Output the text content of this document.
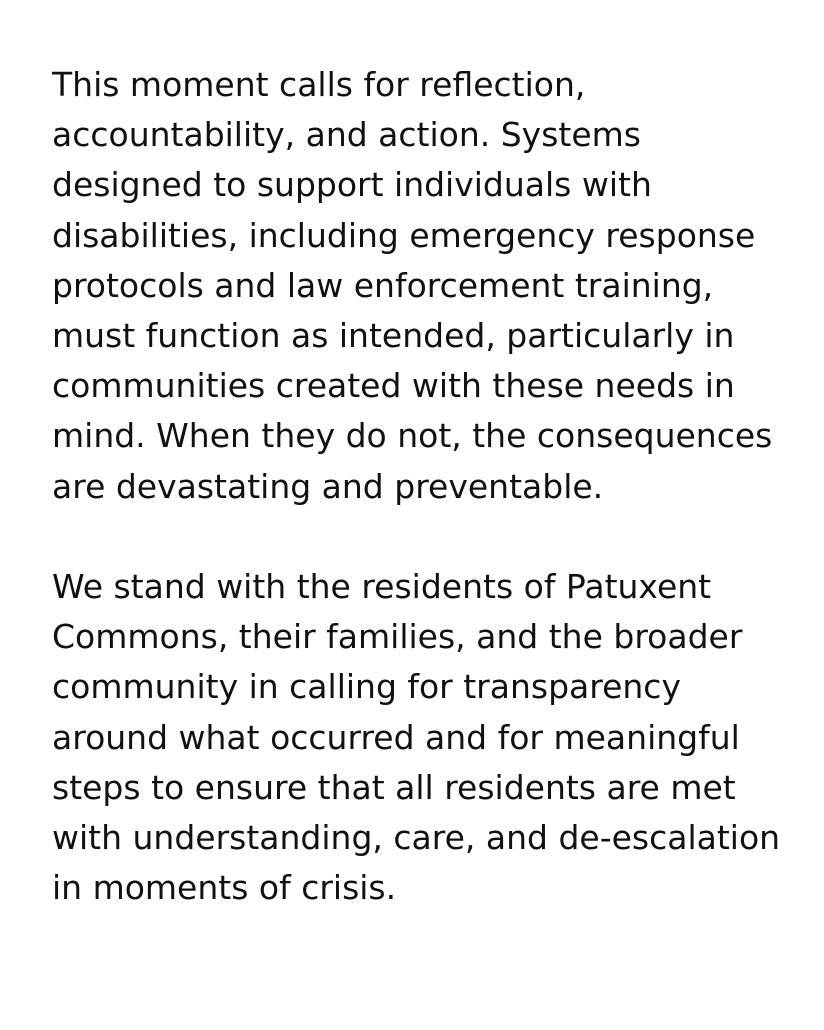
This moment calls for reflection,
accountability, and action. Systems
designed to support individuals with
disabilities, including emergency response
protocols and law enforcement training,
must function as intended, particularly in
communities created with these needs in
mind. When they do not, the consequences
are devastating and preventable.
We stand with the residents of Patuxent
Commons, their families, and the broader
community in calling for transparency
around what occurred and for meaningful
steps to ensure that all residents are met
with understanding, care, and de-escalation
in moments of crisis.
